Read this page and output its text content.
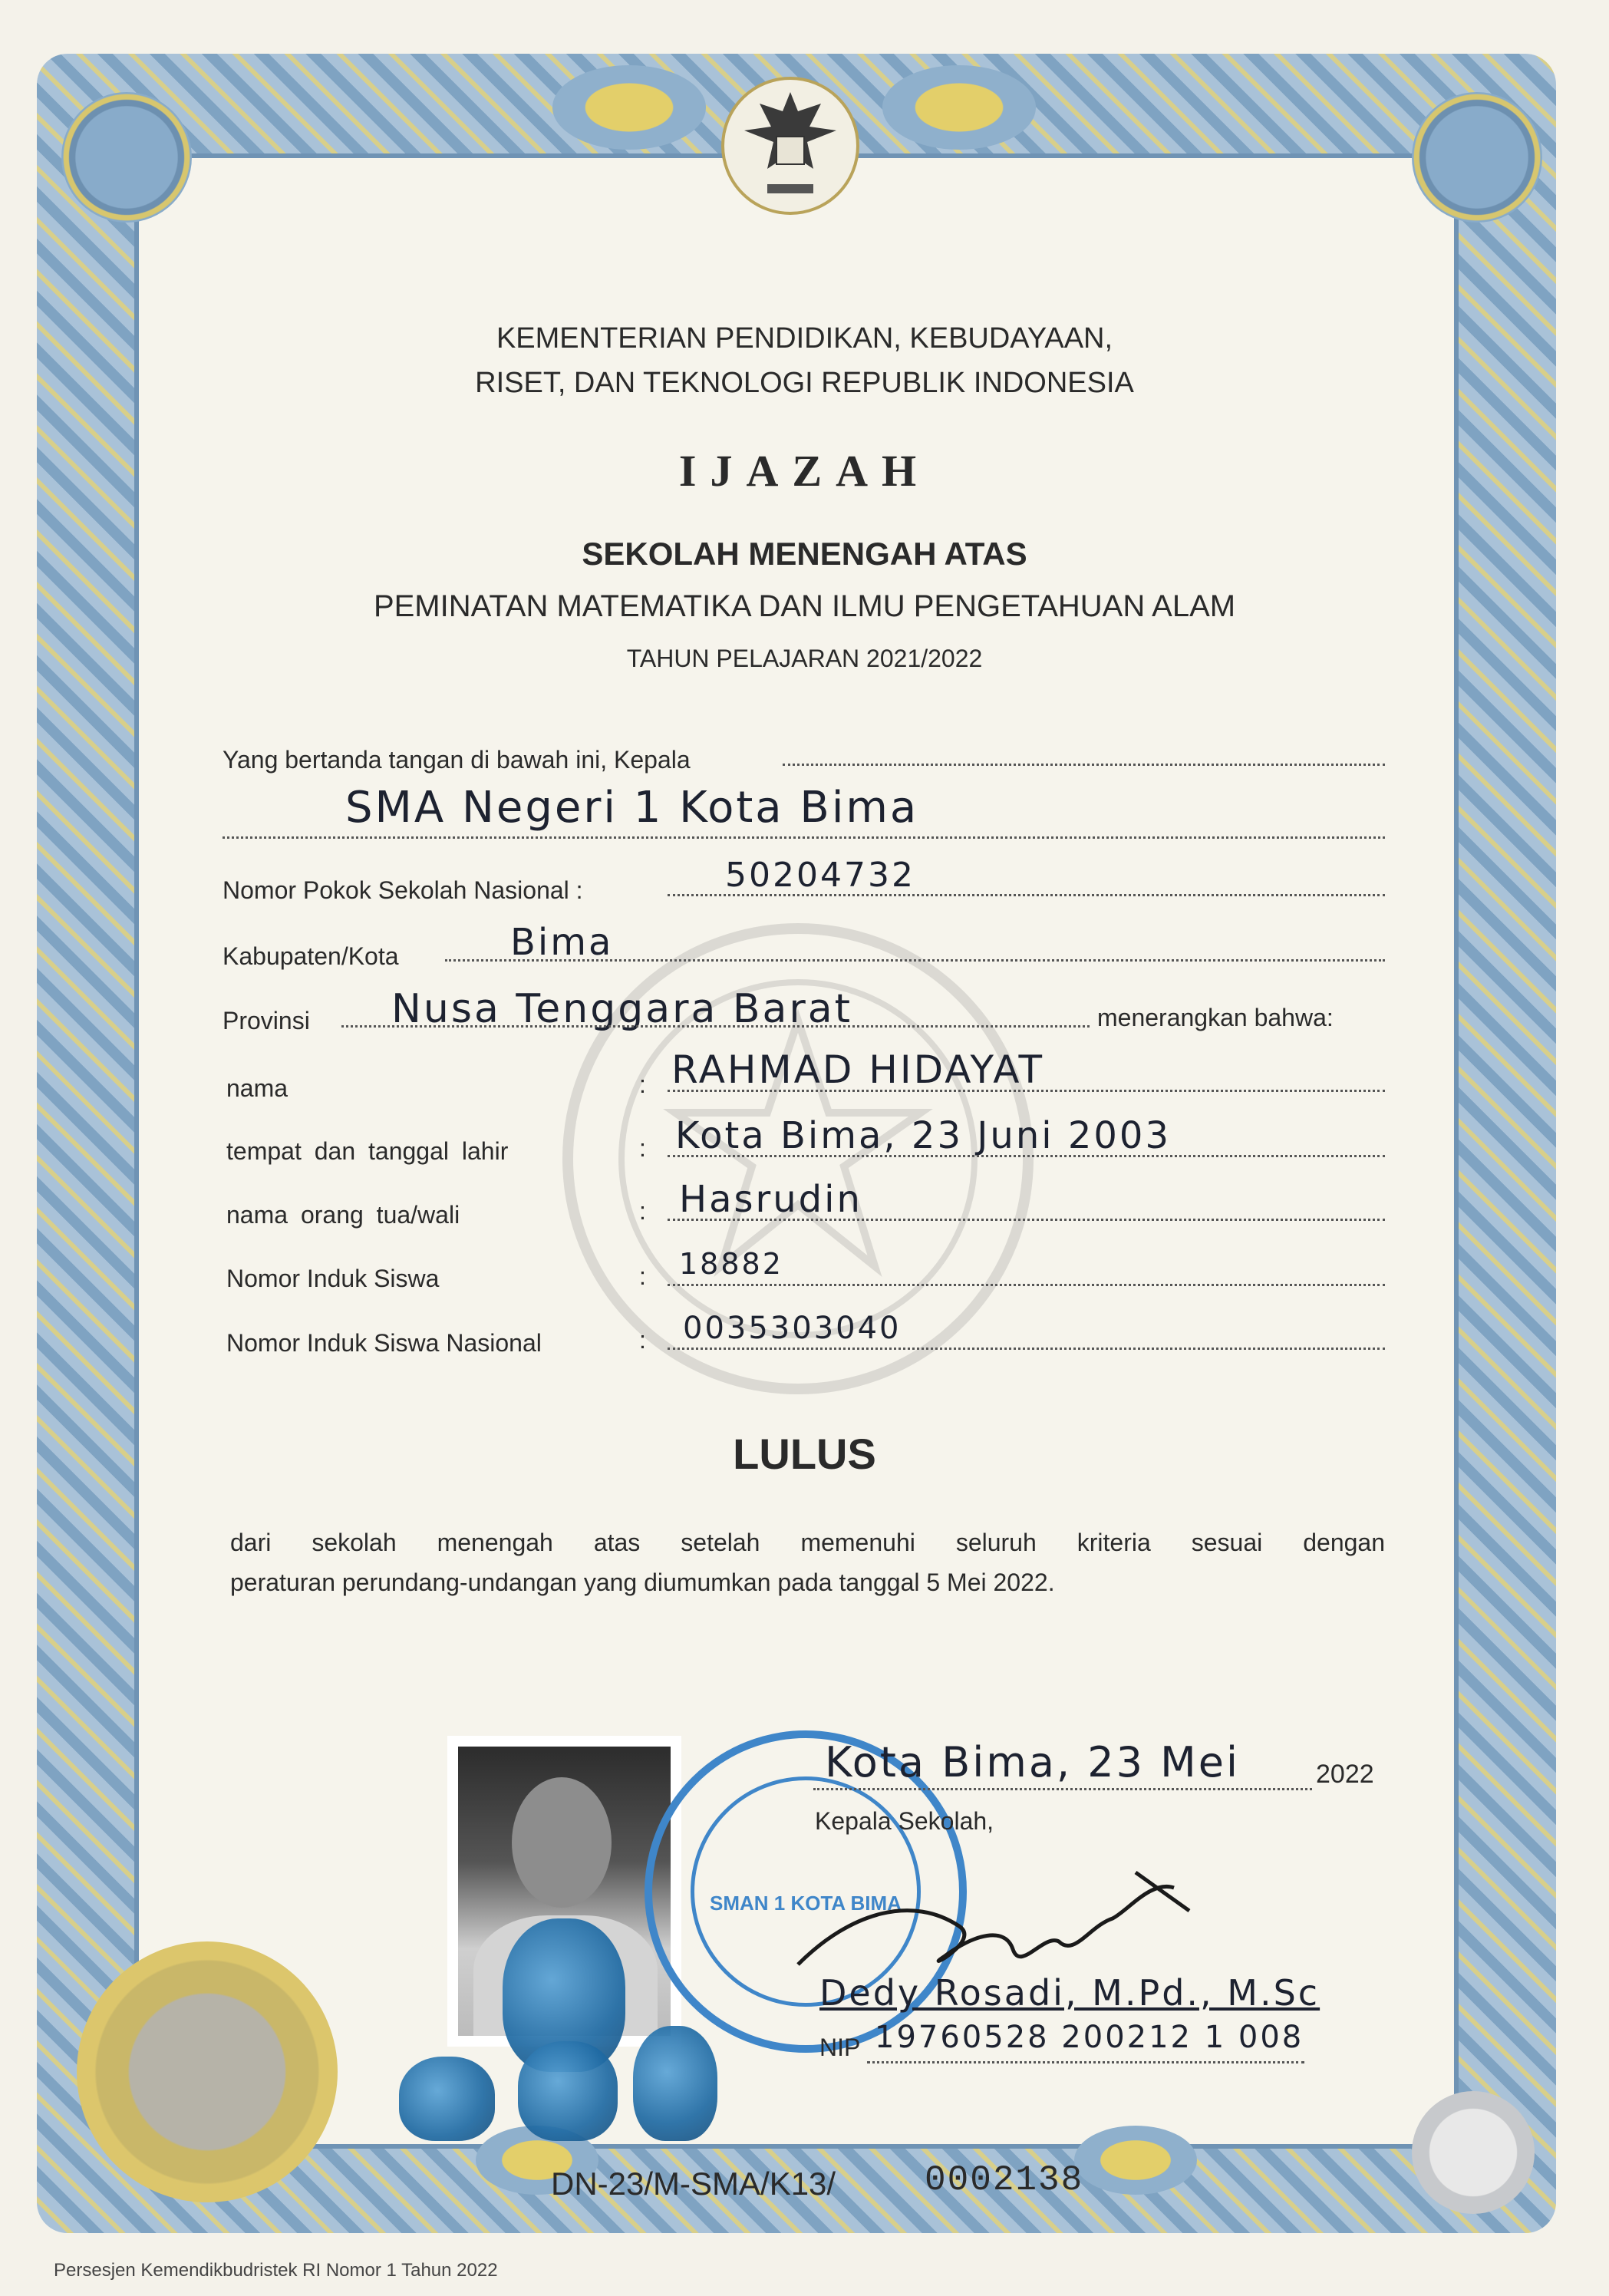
KEMENTERIAN PENDIDIKAN, KEBUDAYAAN,
RISET, DAN TEKNOLOGI REPUBLIK INDONESIA
IJAZAH
SEKOLAH MENENGAH ATAS
PEMINATAN MATEMATIKA DAN ILMU PENGETAHUAN ALAM
TAHUN PELAJARAN 2021/2022
Yang bertanda tangan di bawah ini, Kepala
SMA Negeri 1 Kota Bima
Nomor Pokok Sekolah Nasional :	50204732
Kabupaten/Kota	Bima
Provinsi Nusa Tenggara Barat	menerangkan bahwa:
nama	: RAHMAD HIDAYAT
tempat dan tanggal lahir	: Kota Bima, 23 Juni 2003
nama orang tua/wali	: Hasrudin
Nomor Induk Siswa	: 18882
Nomor Induk Siswa Nasional	: 0035303040
LULUS
dari sekolah menengah atas setelah memenuhi seluruh kriteria sesuai dengan
peraturan perundang-undangan yang diumumkan pada tanggal 5 Mei 2022.
SMAN 1 KOTA BIMA
Kota Bima, 23 Mei	2022
Kepala Sekolah,
Dedy Rosadi, M.Pd., M.Sc
NIP 19760528 200212 1 008
DN-23/M-SMA/K13/	0002138
Persesjen Kemendikbudristek RI Nomor 1 Tahun 2022
